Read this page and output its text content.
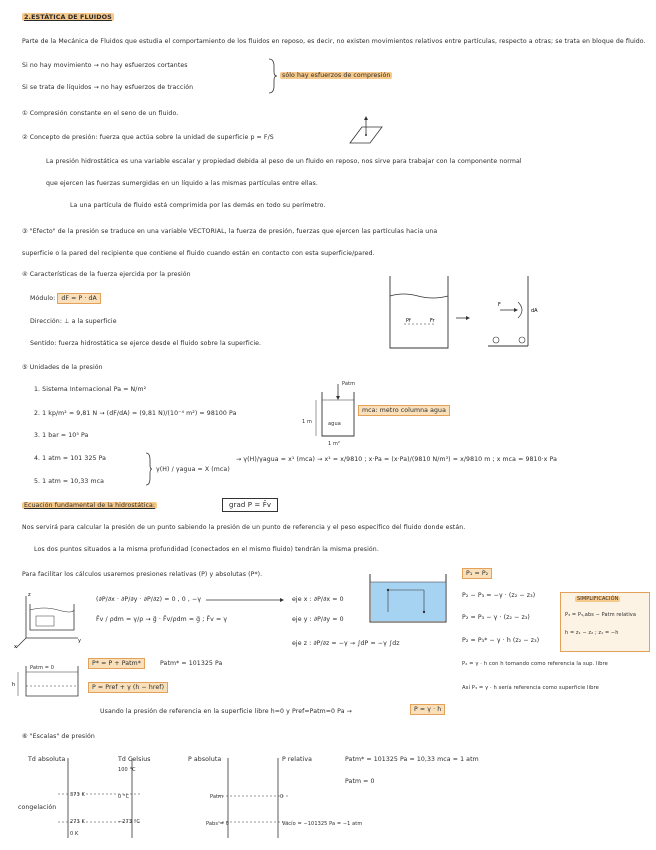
2.ESTÁTICA DE FLUIDOS
Parte de la Mecánica de Fluidos que estudia el comportamiento de los fluidos en reposo, es decir, no existen movimientos relativos entre partículas, respecto a otras; se trata en bloque de fluido.
Si no hay movimiento → no hay esfuerzos cortantes
Si se trata de líquidos → no hay esfuerzos de tracción
sólo hay esfuerzos de compresión
① Compresión constante en el seno de un fluido.
② Concepto de presión: fuerza que actúa sobre la unidad de superficie p = F/S
La presión hidrostática es una variable escalar y propiedad debida al peso de un fluido en reposo, nos sirve para trabajar con la componente normal
que ejercen las fuerzas sumergidas en un líquido a las mismas partículas entre ellas.
La una partícula de fluido está comprimida por las demás en todo su perímetro.
③ "Efecto" de la presión se traduce en una variable VECTORIAL, la fuerza de presión, fuerzas que ejercen las partículas hacia una
superficie o la pared del recipiente que contiene el fluido cuando están en contacto con esta superficie/pared.
④ Características de la fuerza ejercida por la presión
Módulo: dF = P · dA
Dirección: ⊥ a la superficie
Sentido: fuerza hidrostática se ejerce desde el fluido sobre la superficie.
Pf	Fr
F
dA
⑤ Unidades de la presión
1. Sistema Internacional Pa = N/m²
2. 1 kp/m² ≈ 9,81 N → (dF/dA) = (9,81 N)/(10⁻⁴ m²) = 98100 Pa
3. 1 bar = 10⁵ Pa
4. 1 atm = 101 325 Pa
5. 1 atm = 10,33 mca
γ(H) / γagua = X (mca)
→ γ(H)/γagua = x¹ (mca) → x¹ = x/9810 ; x·Pa = (x·Pa)/(9810 N/m³) = x/9810 m ; x mca = 9810·x Pa
Patm
agua
1 m
1 m²
mca: metro columna agua
Ecuación fundamental de la hidrostática:	grad P = F̄v
Nos servirá para calcular la presión de un punto sabiendo la presión de un punto de referencia y el peso específico del fluido donde están.
Los dos puntos situados a la misma profundidad (conectados en el mismo fluido) tendrán la misma presión.
Para facilitar los cálculos usaremos presiones relativas (P) y absolutas (P*).
z
y
x
(∂P/∂x · ∂P/∂y · ∂P/∂z) = 0 , 0 , −γ
F̄v / ρdm = γ/ρ → g⃗ · F̄v/ρdm = g⃗ ; F̄v = γ
eje x : ∂P/∂x = 0
eje y : ∂P/∂y = 0
eje z : ∂P/∂z = −γ → ∫dP = −γ ∫dz
P₁ = P₂
P₂ − P₃ = −γ · (z₂ − z₃)
P₂ = P₃ − γ · (z₂ − z₃)
P₂ = P₃* − γ · h (z₂ − z₃)
P₂ = γ · h con h tomando como referencia la sup. libre
Así P₃ = γ · h sería referencia como superficie libre
SIMPLIFICACIÓN
P₃ = P₃,abs − Patm relativa
h = z₁ − z₂ ; z₁ = −h
h
Patm = 0
P* = P + Patm*	Patm* = 101325 Pa
P = Pref + γ (h − href)
Usando la presión de referencia en la superficie libre h=0 y Pref=Patm=0 Pa →	P = γ · h
⑥ "Escalas" de presión
Td absoluta	Td Celsius
100 °C
373 K
273 K
0 °C
0 K
−273 °C
congelación
P absoluta	P relativa
Patm	0
Pabs = 0	Vacío = −101325 Pa = −1 atm
Patm* = 101325 Pa = 10,33 mca = 1 atm
Patm = 0
